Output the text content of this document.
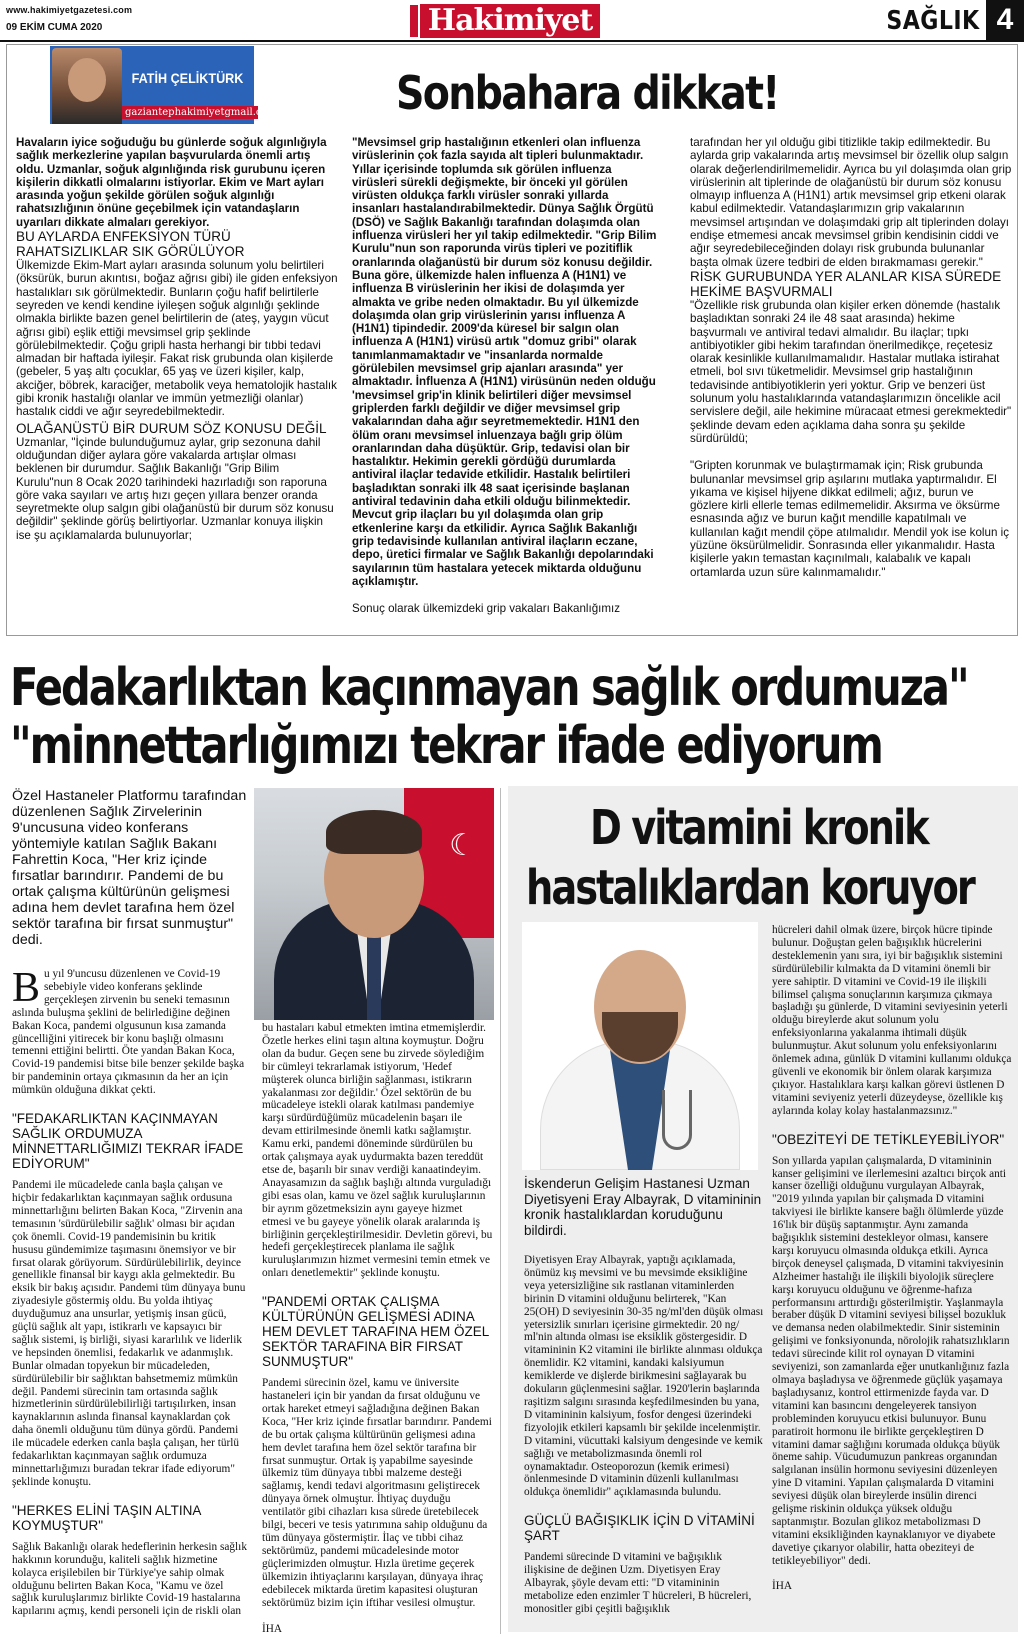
www.hakimiyetgazetesi.com
09 EKİM CUMA 2020	Hakimiyet	SAĞLIK 4
FATİH ÇELİKTÜRK
gaziantephakimiyetgmail.com	Sonbahara dikkat!

Havaların iyice soğuduğu bu günlerde soğuk algınlığıyla sağlık merkezlerine yapılan başvurularda önemli artış oldu. Uzmanlar, soğuk algınlığında risk gurubunu içeren kişilerin dikkatli olmalarını istiyorlar. Ekim ve Mart ayları arasında yoğun şekilde görülen soğuk algınlığı rahatsızlığının önüne geçebilmek için vatandaşların uyarıları dikkate almaları gerekiyor.

BU AYLARDA ENFEKSİYON TÜRÜ RAHATSIZLIKLAR SIK GÖRÜLÜYOR

Ülkemizde Ekim-Mart ayları arasında solunum yolu belirtileri (öksürük, burun akıntısı, boğaz ağrısı gibi) ile giden enfeksiyon hastalıkları sık görülmektedir. Bunların çoğu hafif belirtilerle seyreden ve kendi kendine iyileşen soğuk algınlığı şeklinde olmakla birlikte bazen genel belirtilerin de (ateş, yaygın vücut ağrısı gibi) eşlik ettiği mevsimsel grip şeklinde görülebilmektedir. Çoğu gripli hasta herhangi bir tıbbi tedavi almadan bir haftada iyileşir. Fakat risk grubunda olan kişilerde (gebeler, 5 yaş altı çocuklar, 65 yaş ve üzeri kişiler, kalp, akciğer, böbrek, karaciğer, metabolik veya hematolojik hastalık gibi kronik hastalığı olanlar ve immün yetmezliği olanlar) hastalık ciddi ve ağır seyredebilmektedir.

OLAĞANÜSTÜ BİR DURUM SÖZ KONUSU DEĞİL

Uzmanlar, "İçinde bulunduğumuz aylar, grip sezonuna dahil olduğundan diğer aylara göre vakalarda artışlar olması beklenen bir durumdur. Sağlık Bakanlığı "Grip Bilim Kurulu"nun 8 Ocak 2020 tarihindeki hazırladığı son raporuna göre vaka sayıları ve artış hızı geçen yıllara benzer oranda seyretmekte olup salgın gibi olağanüstü bir durum söz konusu değildir" şeklinde görüş belirtiyorlar. Uzmanlar konuya ilişkin ise şu açıklamalarda bulunuyorlar;

"Mevsimsel grip hastalığının etkenleri olan influenza virüslerinin çok fazla sayıda alt tipleri bulunmaktadır. Yıllar içerisinde toplumda sık görülen influenza virüsleri sürekli değişmekte, bir önceki yıl görülen virüsten oldukça farklı virüsler sonraki yıllarda insanları hastalandırabilmektedir. Dünya Sağlık Örgütü (DSÖ) ve Sağlık Bakanlığı tarafından dolaşımda olan influenza virüsleri her yıl takip edilmektedir. "Grip Bilim Kurulu"nun son raporunda virüs tipleri ve pozitiflik oranlarında olağanüstü bir durum söz konusu değildir. Buna göre, ülkemizde halen influenza A (H1N1) ve influenza B virüslerinin her ikisi de dolaşımda yer almakta ve gribe neden olmaktadır. Bu yıl ülkemizde dolaşımda olan grip virüslerinin yarısı influenza A (H1N1) tipindedir. 2009'da küresel bir salgın olan influenza A (H1N1) virüsü artık "domuz gribi" olarak tanımlanmamaktadır ve "insanlarda normalde görülebilen mevsimsel grip ajanları arasında" yer almaktadır. İnfluenza A (H1N1) virüsünün neden olduğu 'mevsimsel grip'in klinik belirtileri diğer mevsimsel griplerden farklı değildir ve diğer mevsimsel grip vakalarından daha ağır seyretmemektedir. H1N1 den ölüm oranı mevsimsel inluenzaya bağlı grip ölüm oranlarından daha düşüktür. Grip, tedavisi olan bir hastalıktır. Hekimin gerekli gördüğü durumlarda antiviral ilaçlar tedavide etkilidir. Hastalık belirtileri başladıktan sonraki ilk 48 saat içerisinde başlanan antiviral tedavinin daha etkili olduğu bilinmektedir. Mevcut grip ilaçları bu yıl dolaşımda olan grip etkenlerine karşı da etkilidir. Ayrıca Sağlık Bakanlığı grip tedavisinde kullanılan antiviral ilaçların eczane, depo, üretici firmalar ve Sağlık Bakanlığı depolarındaki sayılarının tüm hastalara yetecek miktarda olduğunu açıklamıştır.

Sonuç olarak ülkemizdeki grip vakaları Bakanlığımız

tarafından her yıl olduğu gibi titizlikle takip edilmektedir. Bu aylarda grip vakalarında artış mevsimsel bir özellik olup salgın olarak değerlendirilmemelidir. Ayrıca bu yıl dolaşımda olan grip virüslerinin alt tiplerinde de olağanüstü bir durum söz konusu olmayıp influenza A (H1N1) artık mevsimsel grip etkeni olarak kabul edilmektedir. Vatandaşlarımızın grip vakalarının mevsimsel artışından ve dolaşımdaki grip alt tiplerinden dolayı endişe etmemesi ancak mevsimsel gribin kendisinin ciddi ve ağır seyredebileceğinden dolayı risk grubunda bulunanlar başta olmak üzere tedbiri de elden bırakmaması gerekir."

RİSK GURUBUNDA YER ALANLAR KISA SÜREDE HEKİME BAŞVURMALI

"Özellikle risk grubunda olan kişiler erken dönemde (hastalık başladıktan sonraki 24 ile 48 saat arasında) hekime başvurmalı ve antiviral tedavi almalıdır. Bu ilaçlar; tıpkı antibiyotikler gibi hekim tarafından önerilmedikçe, reçetesiz olarak kesinlikle kullanılmamalıdır. Hastalar mutlaka istirahat etmeli, bol sıvı tüketmelidir. Mevsimsel grip hastalığının tedavisinde antibiyotiklerin yeri yoktur. Grip ve benzeri üst solunum yolu hastalıklarında vatandaşlarımızın öncelikle acil servislere değil, aile hekimine müracaat etmesi gerekmektedir" şeklinde devam eden açıklama daha sonra şu şekilde sürdürüldü;

"Gripten korunmak ve bulaştırmamak için; Risk grubunda bulunanlar mevsimsel grip aşılarını mutlaka yaptırmalıdır. El yıkama ve kişisel hijyene dikkat edilmeli; ağız, burun ve gözlere kirli ellerle temas edilmemelidir. Aksırma ve öksürme esnasında ağız ve burun kağıt mendille kapatılmalı ve kullanılan kağıt mendil çöpe atılmalıdır. Mendil yok ise kolun iç yüzüne öksürülmelidir. Sonrasında eller yıkanmalıdır. Hasta kişilerle yakın temastan kaçınılmalı, kalabalık ve kapalı ortamlarda uzun süre kalınmamalıdır."

Fedakarlıktan kaçınmayan sağlık ordumuza"
"minnettarlığımızı tekrar ifade ediyorum
Özel Hastaneler Platformu tarafından düzenlenen Sağlık Zirvelerinin 9'uncusuna video konferans yöntemiyle katılan Sağlık Bakanı Fahrettin Koca, "Her kriz içinde fırsatlar barındırır. Pandemi de bu ortak çalışma kültürünün gelişmesi adına hem devlet tarafına hem özel sektör tarafına bir fırsat sunmuştur" dedi.
☾

B u yıl 9'uncusu düzenlenen ve Covid-19 sebebiyle video konferans şeklinde gerçekleşen zirvenin bu seneki temasının aslında buluşma şeklini de belirlediğine değinen Bakan Koca, pandemi olgusunun kısa zamanda güncelliğini yitirecek bir konu başlığı olmasını temenni ettiğini belirtti. Öte yandan Bakan Koca, Covid-19 pandemisi bitse bile benzer şekilde başka bir pandeminin ortaya çıkmasının da her an için mümkün olduğuna dikkat çekti.

"FEDAKARLIKTAN KAÇINMAYAN SAĞLIK ORDUMUZA MİNNETTARLIĞIMIZI TEKRAR İFADE EDİYORUM"

Pandemi ile mücadelede canla başla çalışan ve hiçbir fedakarlıktan kaçınmayan sağlık ordusuna minnettarlığını belirten Bakan Koca, "Zirvenin ana temasının 'sürdürülebilir sağlık' olması bir açıdan çok önemli. Covid-19 pandemisinin bu kritik hususu gündemimize taşımasını önemsiyor ve bir fırsat olarak görüyorum. Sürdürülebilirlik, deyince genellikle finansal bir kaygı akla gelmektedir. Bu eksik bir bakış açısıdır. Pandemi tüm dünyaya bunu ziyadesiyle göstermiş oldu. Bu yolda ihtiyaç duyduğumuz ana unsurlar, yetişmiş insan gücü, güçlü sağlık alt yapı, istikrarlı ve kapsayıcı bir sağlık sistemi, iş birliği, siyasi kararlılık ve liderlik ve hepsinden önemlisi, fedakarlık ve adanmışlık. Bunlar olmadan topyekun bir mücadeleden, sürdürülebilir bir sağlıktan bahsetmemiz mümkün değil. Pandemi sürecinin tam ortasında sağlık hizmetlerinin sürdürülebilirliği tartışılırken, insan kaynaklarının aslında finansal kaynaklardan çok daha önemli olduğunu tüm dünya gördü. Pandemi ile mücadele ederken canla başla çalışan, her türlü fedakarlıktan kaçınmayan sağlık ordumuza minnettarlığımızı buradan tekrar ifade ediyorum" şeklinde konuştu.

"HERKES ELİNİ TAŞIN ALTINA KOYMUŞTUR"

Sağlık Bakanlığı olarak hedeflerinin herkesin sağlık hakkının korunduğu, kaliteli sağlık hizmetine kolayca erişilebilen bir Türkiye'ye sahip olmak olduğunu belirten Bakan Koca, "Kamu ve özel sağlık kuruluşlarımız birlikte Covid-19 hastalarına kapılarını açmış, kendi personeli için de riskli olan

bu hastaları kabul etmekten imtina etmemişlerdir. Özetle herkes elini taşın altına koymuştur. Doğru olan da budur. Geçen sene bu zirvede söylediğim bir cümleyi tekrarlamak istiyorum, 'Hedef müşterek olunca birliğin sağlanması, istikrarın yakalanması zor değildir.' Özel sektörün de bu mücadeleye istekli olarak katılması pandemiye karşı sürdürdüğümüz mücadelenin başarı ile devam ettirilmesinde önemli katkı sağlamıştır. Kamu erki, pandemi döneminde sürdürülen bu ortak çalışmaya ayak uydurmakta bazen tereddüt etse de, başarılı bir sınav verdiği kanaatindeyim. Anayasamızın da sağlık başlığı altında vurguladığı gibi esas olan, kamu ve özel sağlık kuruluşlarının bir ayrım gözetmeksizin aynı gayeye hizmet etmesi ve bu gayeye yönelik olarak aralarında iş birliğinin gerçekleştirilmesidir. Devletin görevi, bu hedefi gerçekleştirecek planlama ile sağlık kuruluşlarımızın hizmet vermesini temin etmek ve onları denetlemektir" şeklinde konuştu.

"PANDEMİ ORTAK ÇALIŞMA KÜLTÜRÜNÜN GELİŞMESİ ADINA HEM DEVLET TARAFINA HEM ÖZEL SEKTÖR TARAFINA BİR FIRSAT SUNMUŞTUR"

Pandemi sürecinin özel, kamu ve üniversite hastaneleri için bir yandan da fırsat olduğunu ve ortak hareket etmeyi sağladığına değinen Bakan Koca, "Her kriz içinde fırsatlar barındırır. Pandemi de bu ortak çalışma kültürünün gelişmesi adına hem devlet tarafına hem özel sektör tarafına bir fırsat sunmuştur. Ortak iş yapabilme sayesinde ülkemiz tüm dünyaya tıbbi malzeme desteği sağlamış, kendi tedavi algoritmasını geliştirecek dünyaya örnek olmuştur. İhtiyaç duyduğu ventilatör gibi cihazları kısa sürede üretebilecek bilgi, beceri ve tesis yatırımına sahip olduğunu da tüm dünyaya göstermiştir. İlaç ve tıbbi cihaz sektörümüz, pandemi mücadelesinde motor güçlerimizden olmuştur. Hızla üretime geçerek ülkemizin ihtiyaçlarını karşılayan, dünyaya ihraç edebilecek miktarda üretim kapasitesi oluşturan sektörümüz bizim için iftihar vesilesi olmuştur.

İHA

D vitamini kronik
hastalıklardan koruyor
İskenderun Gelişim Hastanesi Uzman Diyetisyeni Eray Albayrak, D vitamininin kronik hastalıklardan koruduğunu bildirdi.

Diyetisyen Eray Albayrak, yaptığı açıklamada, önümüz kış mevsimi ve bu mevsimde eksikliğine veya yetersizliğine sık rastlanan vitaminlerden birinin D vitamini olduğunu belirterek, "Kan 25(OH) D seviyesinin 30-35 ng/ml'den düşük olması yetersizlik sınırları içerisine girmektedir. 20 ng/ ml'nin altında olması ise eksiklik göstergesidir. D vitamininin K2 vitamini ile birlikte alınması oldukça önemlidir. K2 vitamini, kandaki kalsiyumun kemiklerde ve dişlerde birikmesini sağlayarak bu dokuların güçlenmesini sağlar. 1920'lerin başlarında raşitizm salgını sırasında keşfedilmesinden bu yana, D vitamininin kalsiyum, fosfor dengesi üzerindeki fizyolojik etkileri kapsamlı bir şekilde incelenmiştir. D vitamini, vücuttaki kalsiyum dengesinde ve kemik sağlığı ve metabolizmasında önemli rol oynamaktadır. Osteoporozun (kemik erimesi) önlenmesinde D vitaminin düzenli kullanılması oldukça önemlidir" açıklamasında bulundu.

GÜÇLÜ BAĞIŞIKLIK İÇİN D VİTAMİNİ ŞART

Pandemi sürecinde D vitamini ve bağışıklık ilişkisine de değinen Uzm. Diyetisyen Eray Albayrak, şöyle devam etti: "D vitamininin metabolize eden enzimler T hücreleri, B hücreleri, monositler gibi çeşitli bağışıklık

hücreleri dahil olmak üzere, birçok hücre tipinde bulunur. Doğuştan gelen bağışıklık hücrelerini desteklemenin yanı sıra, iyi bir bağışıklık sistemini sürdürülebilir kılmakta da D vitamini önemli bir yere sahiptir. D vitamini ve Covid-19 ile ilişkili bilimsel çalışma sonuçlarının karşımıza çıkmaya başladığı şu günlerde, D vitamini seviyesinin yeterli olduğu bireylerde akut solunum yolu enfeksiyonlarına yakalanma ihtimali düşük bulunmuştur. Akut solunum yolu enfeksiyonlarını önlemek adına, günlük D vitamini kullanımı oldukça güvenli ve ekonomik bir önlem olarak karşımıza çıkıyor. Hastalıklara karşı kalkan görevi üstlenen D vitamini seviyeniz yeterli düzeydeyse, özellikle kış aylarında kolay kolay hastalanmazsınız."

"OBEZİTEYİ DE TETİKLEYEBİLİYOR"

Son yıllarda yapılan çalışmalarda, D vitamininin kanser gelişimini ve ilerlemesini azaltıcı birçok anti kanser özelliği olduğunu vurgulayan Albayrak, "2019 yılında yapılan bir çalışmada D vitamini takviyesi ile birlikte kansere bağlı ölümlerde yüzde 16'lık bir düşüş saptanmıştır. Aynı zamanda bağışıklık sistemini destekleyor olması, kansere karşı koruyucu olmasında oldukça etkili. Ayrıca birçok deneysel çalışmada, D vitamini takviyesinin Alzheimer hastalığı ile ilişkili biyolojik süreçlere karşı koruyucu olduğunu ve öğrenme-hafıza performansını arttırdığı gösterilmiştir. Yaşlanmayla beraber düşük D vitamini seviyesi bilişsel bozukluk ve demansa neden olabilmektedir. Sinir sisteminin gelişimi ve fonksiyonunda, nörolojik rahatsızlıkların tedavi sürecinde kilit rol oynayan D vitamini seviyenizi, son zamanlarda eğer unutkanlığınız fazla olmaya başladıysa ve öğrenmede güçlük yaşamaya başladıysanız, kontrol ettirmenizde fayda var. D vitamini kan basıncını dengeleyerek tansiyon probleminden koruyucu etkisi bulunuyor. Bunu paratiroit hormonu ile birlikte gerçekleştiren D vitamini damar sağlığını korumada oldukça büyük öneme sahip. Vücudumuzun pankreas organından salgılanan insülin hormonu seviyesini düzenleyen yine D vitamini. Yapılan çalışmalarda D vitamini seviyesi düşük olan bireylerde insülin direnci gelişme riskinin oldukça yüksek olduğu saptanmıştır. Bozulan glikoz metabolizması D vitamini eksikliğinden kaynaklanıyor ve diyabete davetiye çıkarıyor olabilir, hatta obeziteyi de tetikleyebiliyor" dedi.

İHA
